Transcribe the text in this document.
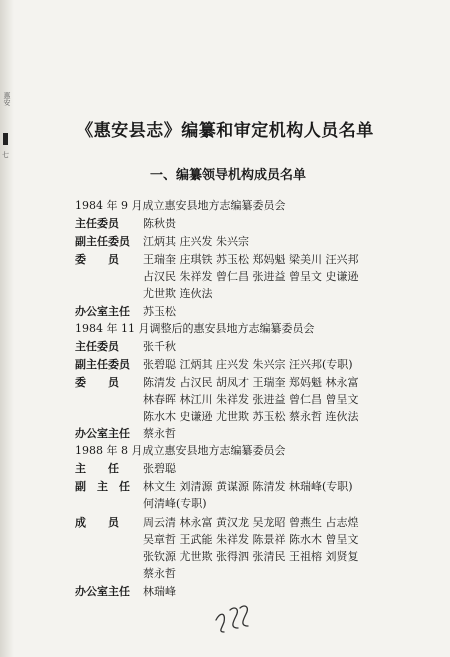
惠安
七
《惠安县志》编纂和审定机构人员名单
一、编纂领导机构成员名单
1984 年 9 月成立惠安县地方志编纂委员会
主任委员 陈秋贵
副主任委员 江炳其 庄兴发 朱兴宗
委　　员 王瑞奎 庄琪铁 苏玉松 郑妈魁 梁美川 汪兴邦
占汉民 朱祥发 曾仁昌 张进益 曾呈文 史谦逊
尤世欺 连伙法
办公室主任 苏玉松
1984 年 11 月调整后的惠安县地方志编纂委员会
主任委员 张千秋
副主任委员 张碧聪 江炳其 庄兴发 朱兴宗 汪兴邦(专职)
委　　员 陈清发 占汉民 胡凤才 王瑞奎 郑妈魁 林永富
林春晖 林江川 朱祥发 张进益 曾仁昌 曾呈文
陈水木 史谦逊 尤世欺 苏玉松 蔡永哲 连伙法
办公室主任 蔡永哲
1988 年 8 月成立惠安县地方志编纂委员会
主　　任 张碧聪
副　主　任 林文生 刘清源 黄谋源 陈清发 林瑞峰(专职)
何清峰(专职)
成　　员 周云清 林永富 黄汉龙 吴龙昭 曾燕生 占志煌
吴章哲 王武能 朱祥发 陈景祥 陈水木 曾呈文
张钦源 尤世欺 张得泗 张清民 王祖榕 刘贤复
蔡永哲
办公室主任 林瑞峰
